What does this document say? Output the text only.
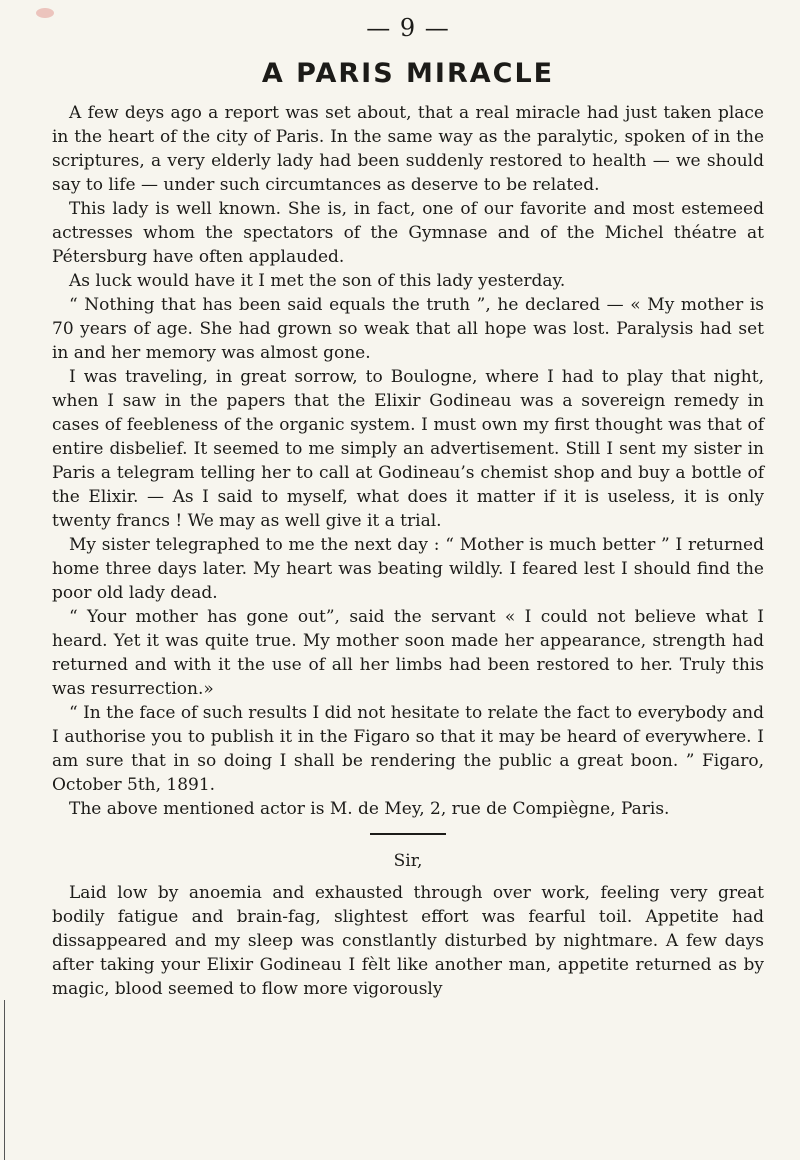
— 9 —
A PARIS MIRACLE

A few deys ago a report was set about, that a real miracle had just taken place in the heart of the city of Paris. In the same way as the paralytic, spoken of in the scriptures, a very elderly lady had been suddenly restored to health — we should say to life — under such circumtances as deserve to be related.

This lady is well known. She is, in fact, one of our favorite and most estemeed actresses whom the spectators of the Gymnase and of the Michel théatre at Pétersburg have often applauded.

As luck would have it I met the son of this lady yesterday.

“ Nothing that has been said equals the truth ”, he declared — « My mother is 70 years of age. She had grown so weak that all hope was lost. Paralysis had set in and her memory was almost gone.

I was traveling, in great sorrow, to Boulogne, where I had to play that night, when I saw in the papers that the Elixir Godineau was a sovereign remedy in cases of feebleness of the organic system. I must own my first thought was that of entire disbelief. It seemed to me simply an advertisement. Still I sent my sister in Paris a telegram telling her to call at Godineau’s chemist shop and buy a bottle of the Elixir. — As I said to myself, what does it matter if it is useless, it is only twenty francs ! We may as well give it a trial.

My sister telegraphed to me the next day : “ Mother is much better ” I returned home three days later. My heart was beating wildly. I feared lest I should find the poor old lady dead.

“ Your mother has gone out”, said the servant « I could not believe what I heard. Yet it was quite true. My mother soon made her appearance, strength had returned and with it the use of all her limbs had been restored to her. Truly this was resurrection.»

“ In the face of such results I did not hesitate to relate the fact to everybody and I authorise you to publish it in the Figaro so that it may be heard of everywhere. I am sure that in so doing I shall be rendering the public a great boon. ” Figaro, October 5th, 1891.

The above mentioned actor is M. de Mey, 2, rue de Compiègne, Paris.

Sir,

Laid low by anoemia and exhausted through over work, feeling very great bodily fatigue and brain-fag, slightest effort was fearful toil. Appetite had dissappeared and my sleep was constlantly disturbed by nightmare. A few days after taking your Elixir Godineau I fèlt like another man, appetite returned as by magic, blood seemed to flow more vigorously
